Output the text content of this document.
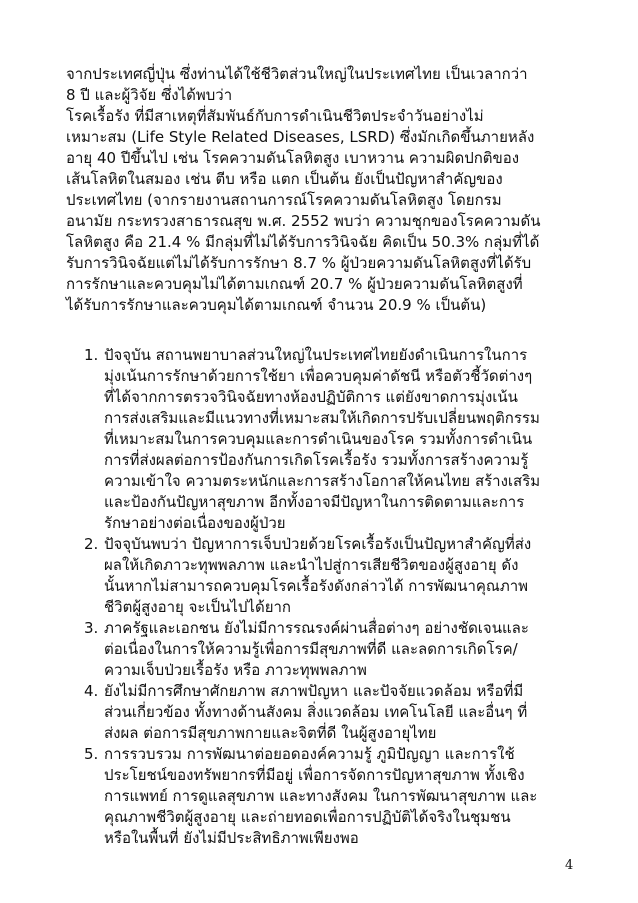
จากประเทศญี่ปุ่น ซึ่งท่านได้ใช้ชีวิตส่วนใหญ่ในประเทศไทย เป็นเวลากว่า
8 ปี และผู้วิจัย ซึ่งได้พบว่า
โรคเรื้อรัง ที่มีสาเหตุที่สัมพันธ์กับการดำเนินชีวิตประจำวันอย่างไม่
เหมาะสม (Life Style Related Diseases, LSRD) ซึ่งมักเกิดขึ้นภายหลัง
อายุ 40 ปีขึ้นไป เช่น โรคความดันโลหิตสูง เบาหวาน ความผิดปกติของ
เส้นโลหิตในสมอง เช่น ตีบ หรือ แตก เป็นต้น ยังเป็นปัญหาสำคัญของ
ประเทศไทย (จากรายงานสถานการณ์โรคความดันโลหิตสูง โดยกรม
อนามัย กระทรวงสาธารณสุข พ.ศ. 2552 พบว่า ความชุกของโรคความดัน
โลหิตสูง คือ 21.4 % มีกลุ่มที่ไม่ได้รับการวินิจฉัย คิดเป็น 50.3% กลุ่มที่ได้
รับการวินิจฉัยแต่ไม่ได้รับการรักษา 8.7 % ผู้ป่วยความดันโลหิตสูงที่ได้รับ
การรักษาและควบคุมไม่ได้ตามเกณฑ์ 20.7 % ผู้ป่วยความดันโลหิตสูงที่
ได้รับการรักษาและควบคุมได้ตามเกณฑ์ จำนวน 20.9 % เป็นต้น)
1. ปัจจุบัน สถานพยาบาลส่วนใหญ่ในประเทศไทยยังดำเนินการในการ
มุ่งเน้นการรักษาด้วยการใช้ยา เพื่อควบคุมค่าดัชนี หรือตัวชี้วัดต่างๆ
ที่ได้จากการตรวจวินิจฉัยทางห้องปฏิบัติการ แต่ยังขาดการมุ่งเน้น
การส่งเสริมและมีแนวทางที่เหมาะสมให้เกิดการปรับเปลี่ยนพฤติกรรม
ที่เหมาะสมในการควบคุมและการดำเนินของโรค รวมทั้งการดำเนิน
การที่ส่งผลต่อการป้องกันการเกิดโรคเรื้อรัง รวมทั้งการสร้างความรู้
ความเข้าใจ ความตระหนักและการสร้างโอกาสให้คนไทย สร้างเสริม
และป้องกันปัญหาสุขภาพ อีกทั้งอาจมีปัญหาในการติดตามและการ
รักษาอย่างต่อเนื่องของผู้ป่วย
2. ปัจจุบันพบว่า ปัญหาการเจ็บป่วยด้วยโรคเรื้อรังเป็นปัญหาสำคัญที่ส่ง
ผลให้เกิดภาวะทุพพลภาพ และนำไปสู่การเสียชีวิตของผู้สูงอายุ ดัง
นั้นหากไม่สามารถควบคุมโรคเรื้อรังดังกล่าวได้ การพัฒนาคุณภาพ
ชีวิตผู้สูงอายุ จะเป็นไปได้ยาก
3. ภาครัฐและเอกชน ยังไม่มีการรณรงค์ผ่านสื่อต่างๆ อย่างชัดเจนและ
ต่อเนื่องในการให้ความรู้เพื่อการมีสุขภาพที่ดี และลดการเกิดโรค/
ความเจ็บป่วยเรื้อรัง หรือ ภาวะทุพพลภาพ
4. ยังไม่มีการศึกษาศักยภาพ สภาพปัญหา และปัจจัยแวดล้อม หรือที่มี
ส่วนเกี่ยวข้อง ทั้งทางด้านสังคม สิ่งแวดล้อม เทคโนโลยี และอื่นๆ ที่
ส่งผล ต่อการมีสุขภาพกายและจิตที่ดี ในผู้สูงอายุไทย
5. การรวบรวม การพัฒนาต่อยอดองค์ความรู้ ภูมิปัญญา และการใช้
ประโยชน์ของทรัพยากรที่มีอยู่ เพื่อการจัดการปัญหาสุขภาพ ทั้งเชิง
การแพทย์ การดูแลสุขภาพ และทางสังคม ในการพัฒนาสุขภาพ และ
คุณภาพชีวิตผู้สูงอายุ และถ่ายทอดเพื่อการปฏิบัติได้จริงในชุมชน
หรือในพื้นที่ ยังไม่มีประสิทธิภาพเพียงพอ
4
